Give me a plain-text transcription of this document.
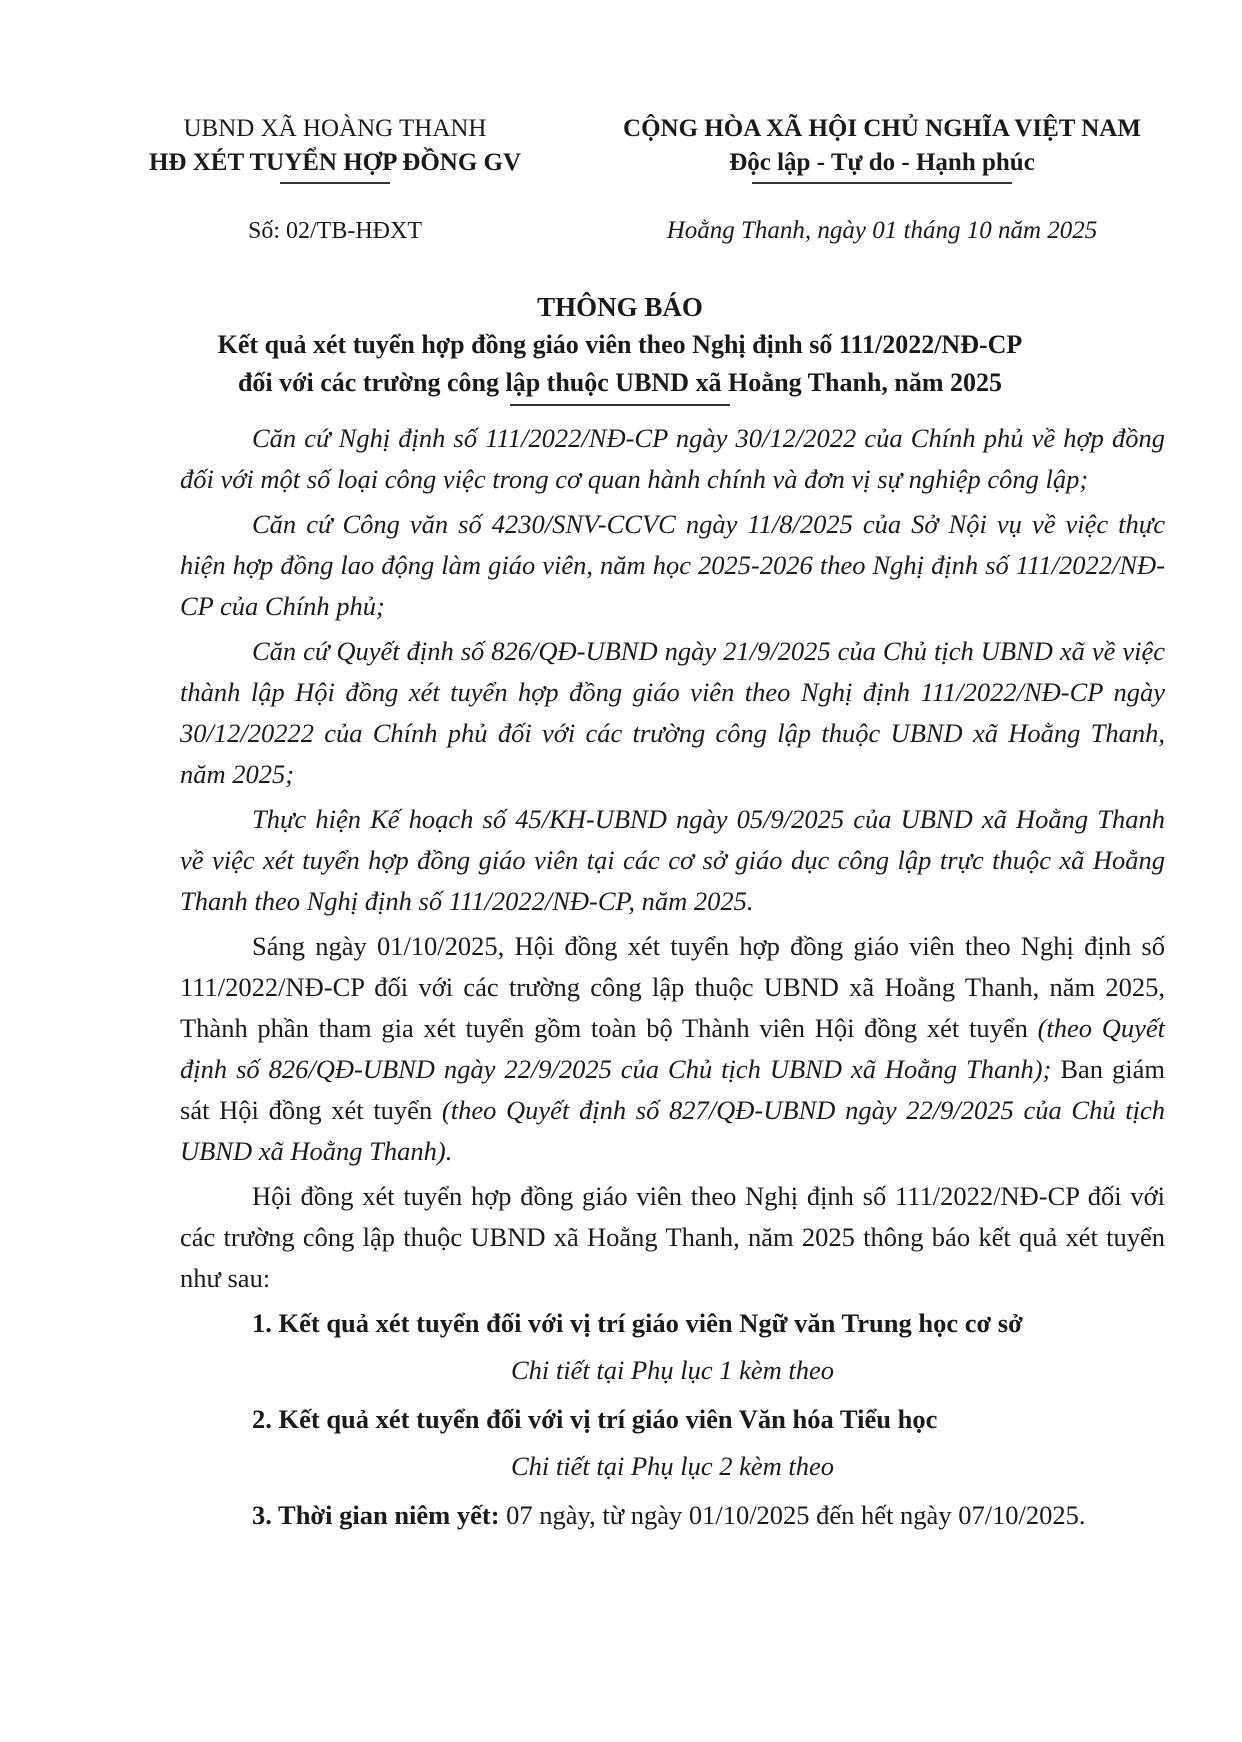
UBND XÃ HOÀNG THANH
HĐ XÉT TUYỂN HỢP ĐỒNG GV
Số: 02/TB-HĐXT
CỘNG HÒA XÃ HỘI CHỦ NGHĨA VIỆT NAM
Độc lập - Tự do - Hạnh phúc
Hoằng Thanh, ngày 01 tháng 10 năm 2025
THÔNG BÁO
Kết quả xét tuyển hợp đồng giáo viên theo Nghị định số 111/2022/NĐ-CP
đối với các trường công lập thuộc UBND xã Hoằng Thanh, năm 2025

Căn cứ Nghị định số 111/2022/NĐ-CP ngày 30/12/2022 của Chính phủ về hợp đồng đối với một số loại công việc trong cơ quan hành chính và đơn vị sự nghiệp công lập;

Căn cứ Công văn số 4230/SNV-CCVC ngày 11/8/2025 của Sở Nội vụ về việc thực hiện hợp đồng lao động làm giáo viên, năm học 2025-2026 theo Nghị định số 111/2022/NĐ-CP của Chính phủ;

Căn cứ Quyết định số 826/QĐ-UBND ngày 21/9/2025 của Chủ tịch UBND xã về việc thành lập Hội đồng xét tuyển hợp đồng giáo viên theo Nghị định 111/2022/NĐ-CP ngày 30/12/20222 của Chính phủ đối với các trường công lập thuộc UBND xã Hoằng Thanh, năm 2025;

Thực hiện Kế hoạch số 45/KH-UBND ngày 05/9/2025 của UBND xã Hoằng Thanh về việc xét tuyển hợp đồng giáo viên tại các cơ sở giáo dục công lập trực thuộc xã Hoằng Thanh theo Nghị định số 111/2022/NĐ-CP, năm 2025.

Sáng ngày 01/10/2025, Hội đồng xét tuyển hợp đồng giáo viên theo Nghị định số 111/2022/NĐ-CP đối với các trường công lập thuộc UBND xã Hoằng Thanh, năm 2025, Thành phần tham gia xét tuyển gồm toàn bộ Thành viên Hội đồng xét tuyển (theo Quyết định số 826/QĐ-UBND ngày 22/9/2025 của Chủ tịch UBND xã Hoằng Thanh); Ban giám sát Hội đồng xét tuyển (theo Quyết định số 827/QĐ-UBND ngày 22/9/2025 của Chủ tịch UBND xã Hoằng Thanh).

Hội đồng xét tuyển hợp đồng giáo viên theo Nghị định số 111/2022/NĐ-CP đối với các trường công lập thuộc UBND xã Hoằng Thanh, năm 2025 thông báo kết quả xét tuyển như sau:

1. Kết quả xét tuyển đối với vị trí giáo viên Ngữ văn Trung học cơ sở
Chi tiết tại Phụ lục 1 kèm theo
2. Kết quả xét tuyển đối với vị trí giáo viên Văn hóa Tiểu học
Chi tiết tại Phụ lục 2 kèm theo
3. Thời gian niêm yết: 07 ngày, từ ngày 01/10/2025 đến hết ngày 07/10/2025.
